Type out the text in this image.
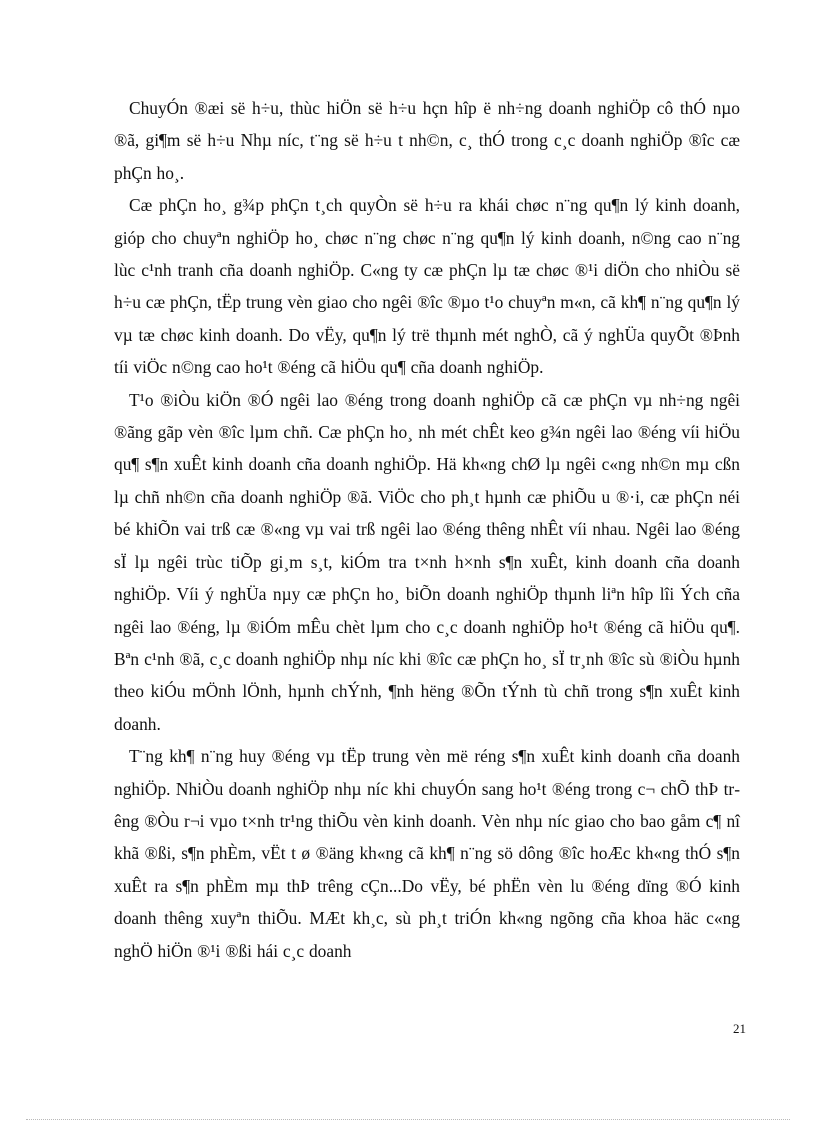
ChuyÓn ®æi së h÷u, thùc hiÖn së h÷u hçn hîp ë nh÷ng doanh nghiÖp cô thÓ nµo ®ã, gi¶m së h÷u Nhµ níc, t¨ng së h÷u t nh©n, c¸ thÓ trong c¸c doanh nghiÖp ®îc cæ phÇn ho¸.

Cæ phÇn ho¸ g¾p phÇn t¸ch quyÒn së h÷u ra khái chøc n¨ng qu¶n lý kinh doanh, gióp cho chuyªn nghiÖp ho¸ chøc n¨ng chøc n¨ng qu¶n lý kinh doanh, n©ng cao n¨ng lùc c¹nh tranh cña doanh nghiÖp. C«ng ty cæ phÇn lµ tæ chøc ®¹i diÖn cho nhiÒu së h÷u cæ phÇn, tËp trung vèn giao cho ngêi ®îc ®µo t¹o chuyªn m«n, cã kh¶ n¨ng qu¶n lý vµ tæ chøc kinh doanh. Do vËy, qu¶n lý trë thµnh mét nghÒ, cã ý nghÜa quyÕt ®Þnh tíi viÖc n©ng cao ho¹t ®éng cã hiÖu qu¶ cña doanh nghiÖp.

T¹o ®iÒu kiÖn ®Ó ngêi lao ®éng trong doanh nghiÖp cã cæ phÇn vµ nh÷ng ngêi ®ãng gãp vèn ®îc lµm chñ. Cæ phÇn ho¸ nh mét chÊt keo g¾n ngêi lao ®éng víi hiÖu qu¶ s¶n xuÊt kinh doanh cña doanh nghiÖp. Hä kh«ng chØ lµ ngêi c«ng nh©n mµ cßn lµ chñ nh©n cña doanh nghiÖp ®ã. ViÖc cho ph¸t hµnh cæ phiÕu u ®·i, cæ phÇn néi bé khiÕn vai trß cæ ®«ng vµ vai trß ngêi lao ®éng thêng nhÊt víi nhau. Ngêi lao ®éng sÏ lµ ngêi trùc tiÕp gi¸m s¸t, kiÓm tra t×nh h×nh s¶n xuÊt, kinh doanh cña doanh nghiÖp. Víi ý nghÜa nµy cæ phÇn ho¸ biÕn doanh nghiÖp thµnh liªn hîp lîi Ých cña ngêi lao ®éng, lµ ®iÓm mÊu chèt lµm cho c¸c doanh nghiÖp ho¹t ®éng cã hiÖu qu¶. Bªn c¹nh ®ã, c¸c doanh nghiÖp nhµ níc khi ®îc cæ phÇn ho¸ sÏ tr¸nh ®îc sù ®iÒu hµnh theo kiÓu mÖnh lÖnh, hµnh chÝnh, ¶nh hëng ®Õn tÝnh tù chñ trong s¶n xuÊt kinh doanh.

T¨ng kh¶ n¨ng huy ®éng vµ tËp trung vèn më réng s¶n xuÊt kinh doanh cña doanh nghiÖp. NhiÒu doanh nghiÖp nhµ níc khi chuyÓn sang ho¹t ®éng trong c¬ chÕ thÞ trêng ®Òu r¬i vµo t×nh tr¹ng thiÕu vèn kinh doanh. Vèn nhµ níc giao cho bao gåm c¶ nî khã ®ßi, s¶n phÈm, vËt t ø ®äng kh«ng cã kh¶ n¨ng sö dông ®îc hoÆc kh«ng thÓ s¶n xuÊt ra s¶n phÈm mµ thÞ trêng cÇn...Do vËy, bé phËn vèn lu ®éng dïng ®Ó kinh doanh thêng xuyªn thiÕu. MÆt kh¸c, sù ph¸t triÓn kh«ng ngõng cña khoa häc c«ng nghÖ hiÖn ®¹i ®ßi hái c¸c doanh

21
